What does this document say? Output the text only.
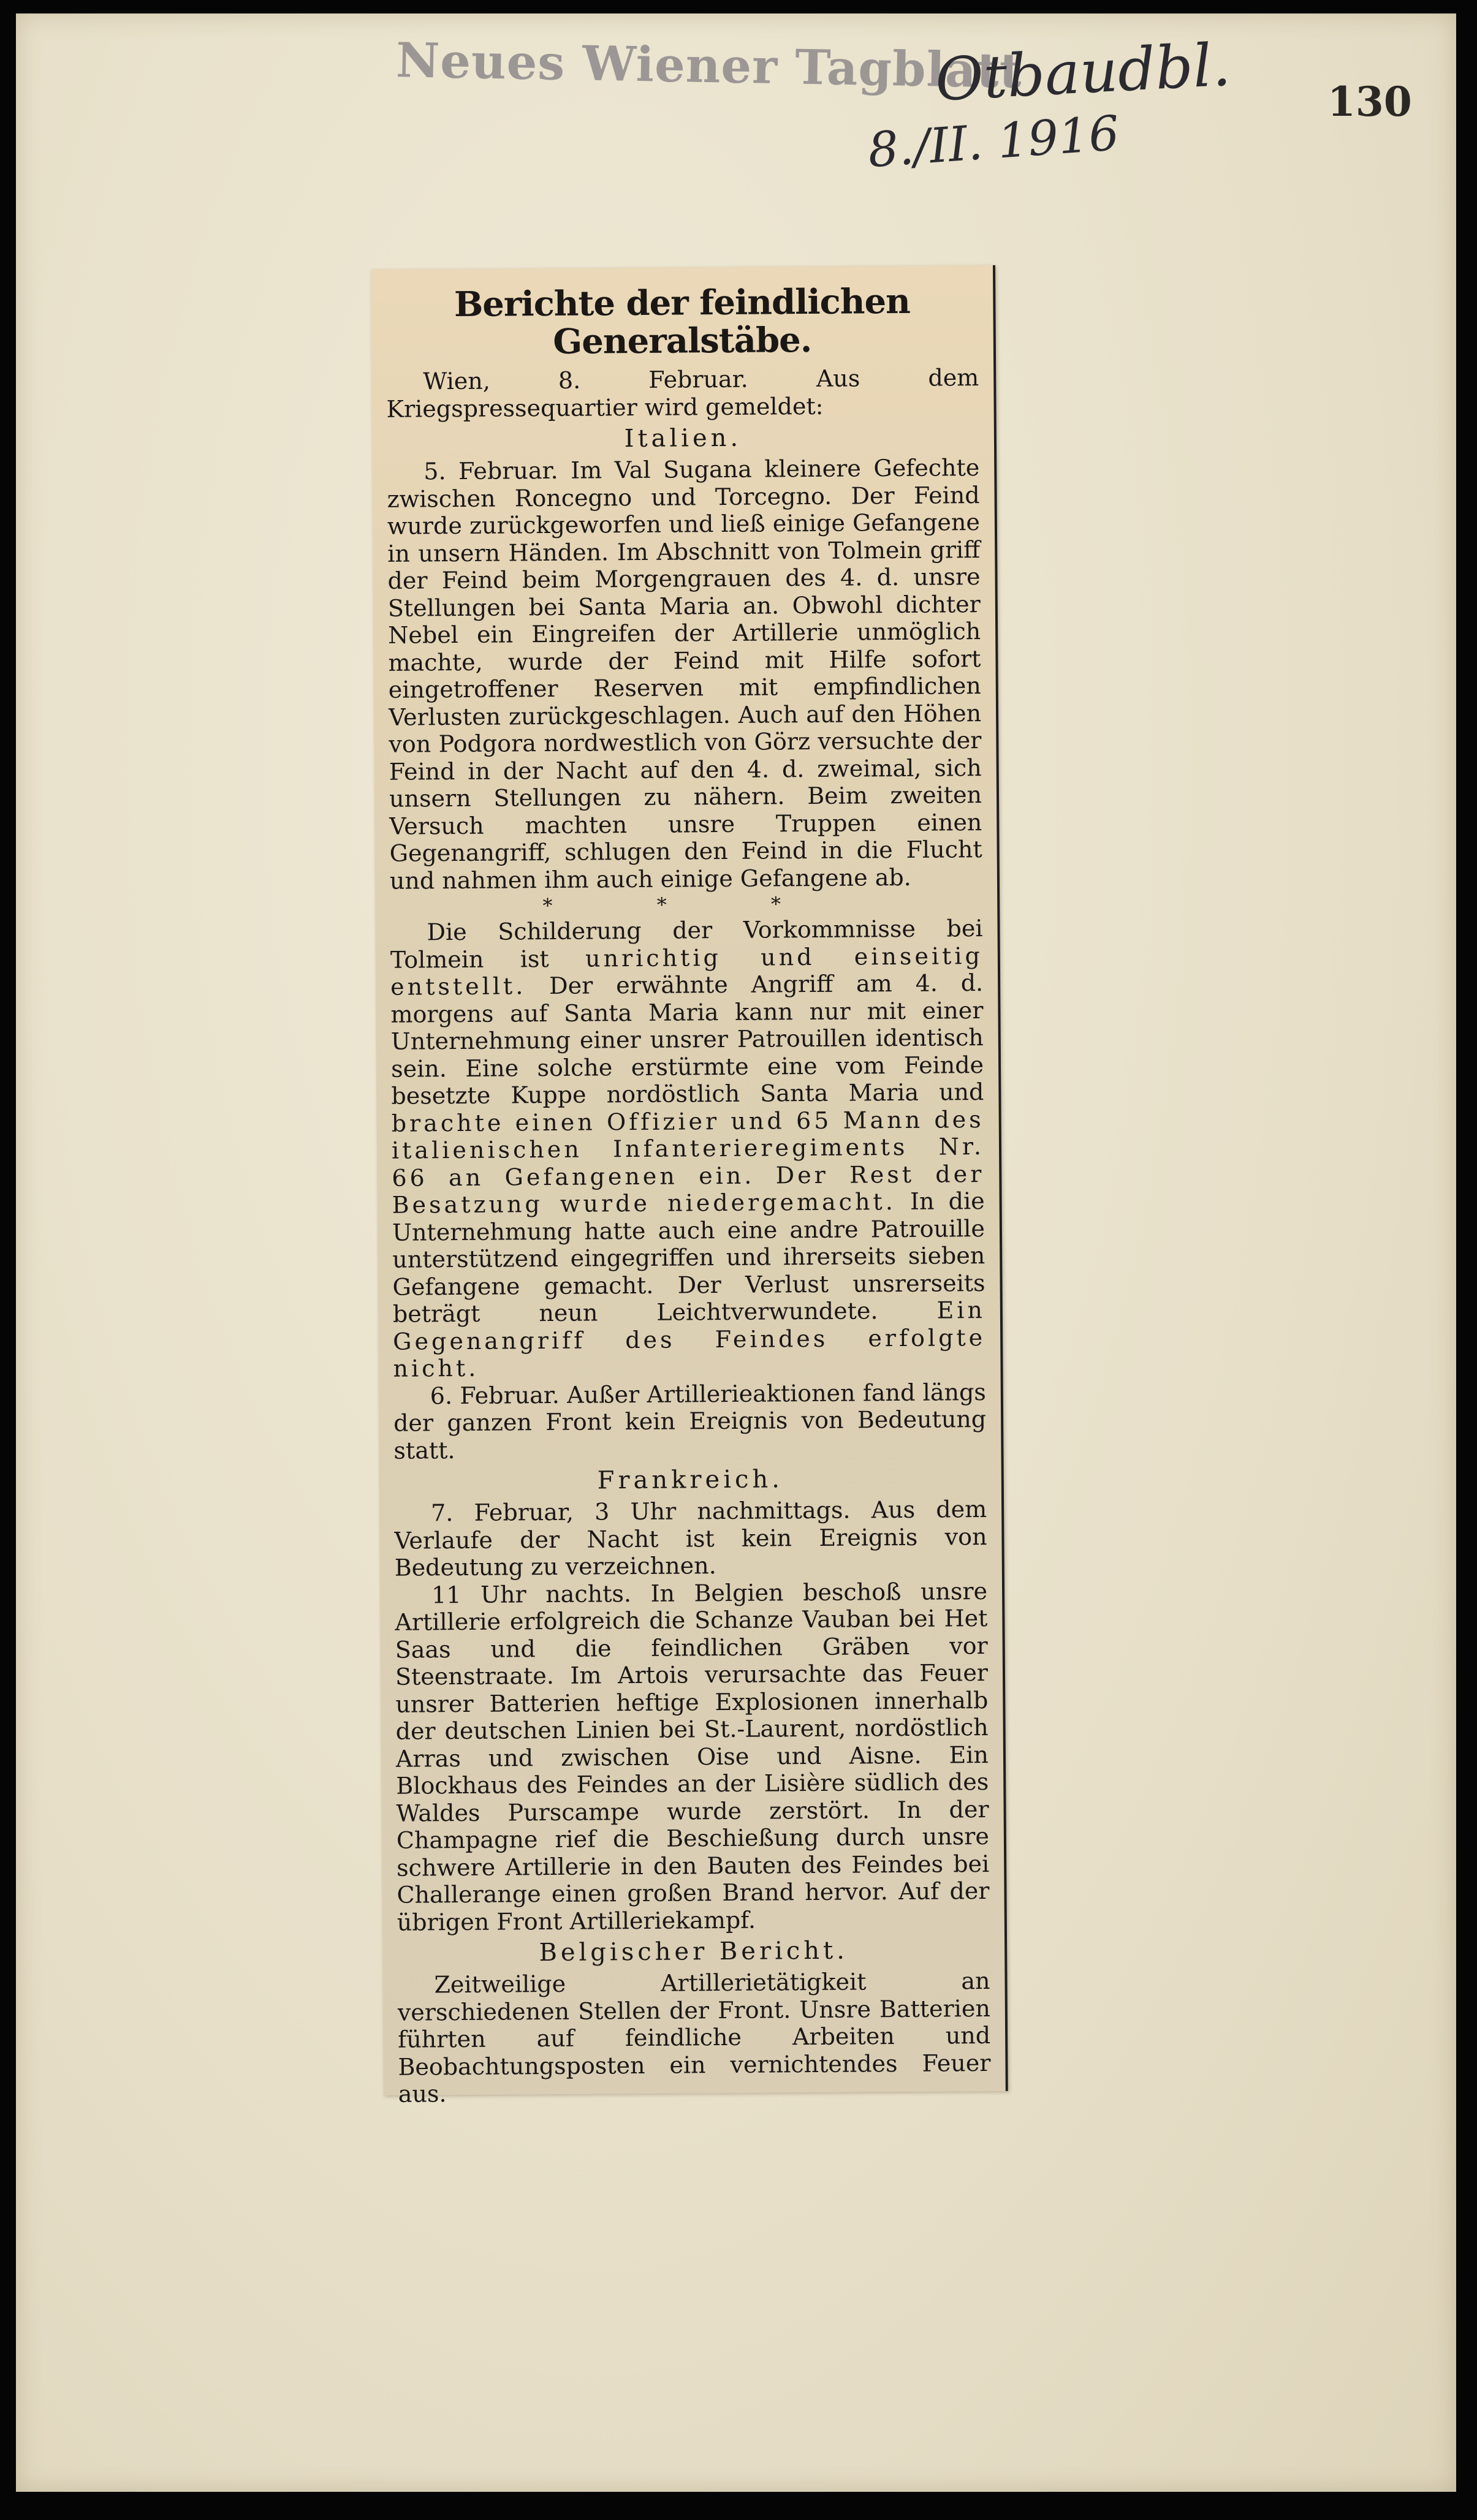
Neues Wiener Tagblatt
Otbaudbl.
8./II. 1916
130
Berichte der feindlichen Generalstäbe.

Wien, 8. Februar. Aus dem Kriegspressequartier wird gemeldet:

Italien.

5. Februar. Im Val Sugana kleinere Gefechte zwischen Roncegno und Torcegno. Der Feind wurde zurückgeworfen und ließ einige Gefangene in unsern Händen. Im Abschnitt von Tolmein griff der Feind beim Morgengrauen des 4. d. unsre Stellungen bei Santa Maria an. Obwohl dichter Nebel ein Eingreifen der Artillerie unmöglich machte, wurde der Feind mit Hilfe sofort eingetroffener Reserven mit empfindlichen Verlusten zurückgeschlagen. Auch auf den Höhen von Podgora nordwestlich von Görz versuchte der Feind in der Nacht auf den 4. d. zweimal, sich unsern Stellungen zu nähern. Beim zweiten Versuch machten unsre Truppen einen Gegenangriff, schlugen den Feind in die Flucht und nahmen ihm auch einige Gefangene ab.

* * *

Die Schilderung der Vorkommnisse bei Tolmein ist unrichtig und einseitig entstellt. Der erwähnte Angriff am 4. d. morgens auf Santa Maria kann nur mit einer Unternehmung einer unsrer Patrouillen identisch sein. Eine solche erstürmte eine vom Feinde besetzte Kuppe nordöstlich Santa Maria und brachte einen Offizier und 65 Mann des italienischen Infanterieregiments Nr. 66 an Gefangenen ein. Der Rest der Besatzung wurde niedergemacht. In die Unternehmung hatte auch eine andre Patrouille unterstützend eingegriffen und ihrerseits sieben Gefangene gemacht. Der Verlust unsrerseits beträgt neun Leichtverwundete.	Ein Gegenangriff des Feindes erfolgte nicht.

6. Februar. Außer Artillerieaktionen fand längs der ganzen Front kein Ereignis von Bedeutung statt.

Frankreich.

7. Februar, 3 Uhr nachmittags. Aus dem Verlaufe der Nacht ist kein Ereignis von Bedeutung zu verzeichnen.

11 Uhr nachts. In Belgien beschoß unsre Artillerie erfolgreich die Schanze Vauban bei Het Saas und die feindlichen Gräben vor Steenstraate. Im Artois verursachte das Feuer unsrer Batterien heftige Explosionen innerhalb der deutschen Linien bei St.-Laurent, nordöstlich Arras und zwischen Oise und Aisne. Ein Blockhaus des Feindes an der Lisière südlich des Waldes Purscampe wurde zerstört. In der Champagne rief die Beschießung durch unsre schwere Artillerie in den Bauten des Feindes bei Challerange einen großen Brand hervor. Auf der übrigen Front Artilleriekampf.

Belgischer Bericht.

Zeitweilige Artillerietätigkeit an verschiedenen Stellen der Front. Unsre Batterien führten auf feindliche Arbeiten und Beobachtungsposten ein vernichtendes Feuer aus.
